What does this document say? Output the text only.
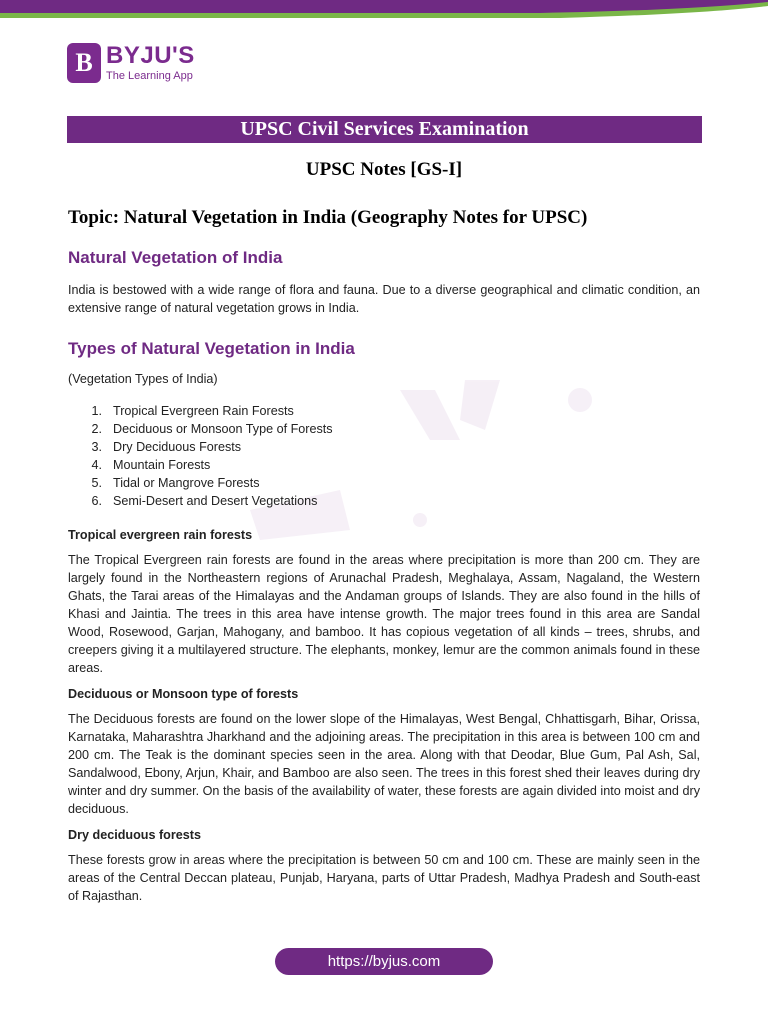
B BYJU'S
The Learning App
UPSC Civil Services Examination
UPSC Notes [GS-I]
Topic: Natural Vegetation in India (Geography Notes for UPSC)
Natural Vegetation of India

India is bestowed with a wide range of flora and fauna. Due to a diverse geographical and climatic condition, an extensive range of natural vegetation grows in India.

Types of Natural Vegetation in India

(Vegetation Types of India)

1. Tropical Evergreen Rain Forests
2. Deciduous or Monsoon Type of Forests
3. Dry Deciduous Forests
4. Mountain Forests
5. Tidal or Mangrove Forests
6. Semi-Desert and Desert Vegetations
Tropical evergreen rain forests

The Tropical Evergreen rain forests are found in the areas where precipitation is more than 200 cm. They are largely found in the Northeastern regions of Arunachal Pradesh, Meghalaya, Assam, Nagaland, the Western Ghats, the Tarai areas of the Himalayas and the Andaman groups of Islands. They are also found in the hills of Khasi and Jaintia. The trees in this area have intense growth. The major trees found in this area are Sandal Wood, Rosewood, Garjan, Mahogany, and bamboo. It has copious vegetation of all kinds – trees, shrubs, and creepers giving it a multilayered structure. The elephants, monkey, lemur are the common animals found in these areas.

Deciduous or Monsoon type of forests

The Deciduous forests are found on the lower slope of the Himalayas, West Bengal, Chhattisgarh, Bihar, Orissa, Karnataka, Maharashtra Jharkhand and the adjoining areas. The precipitation in this area is between 100 cm and 200 cm. The Teak is the dominant species seen in the area. Along with that Deodar, Blue Gum, Pal Ash, Sal, Sandalwood, Ebony, Arjun, Khair, and Bamboo are also seen. The trees in this forest shed their leaves during dry winter and dry summer. On the basis of the availability of water, these forests are again divided into moist and dry deciduous.

Dry deciduous forests

These forests grow in areas where the precipitation is between 50 cm and 100 cm. These are mainly seen in the areas of the Central Deccan plateau, Punjab, Haryana, parts of Uttar Pradesh, Madhya Pradesh and South-east of Rajasthan.

https://byjus.com
